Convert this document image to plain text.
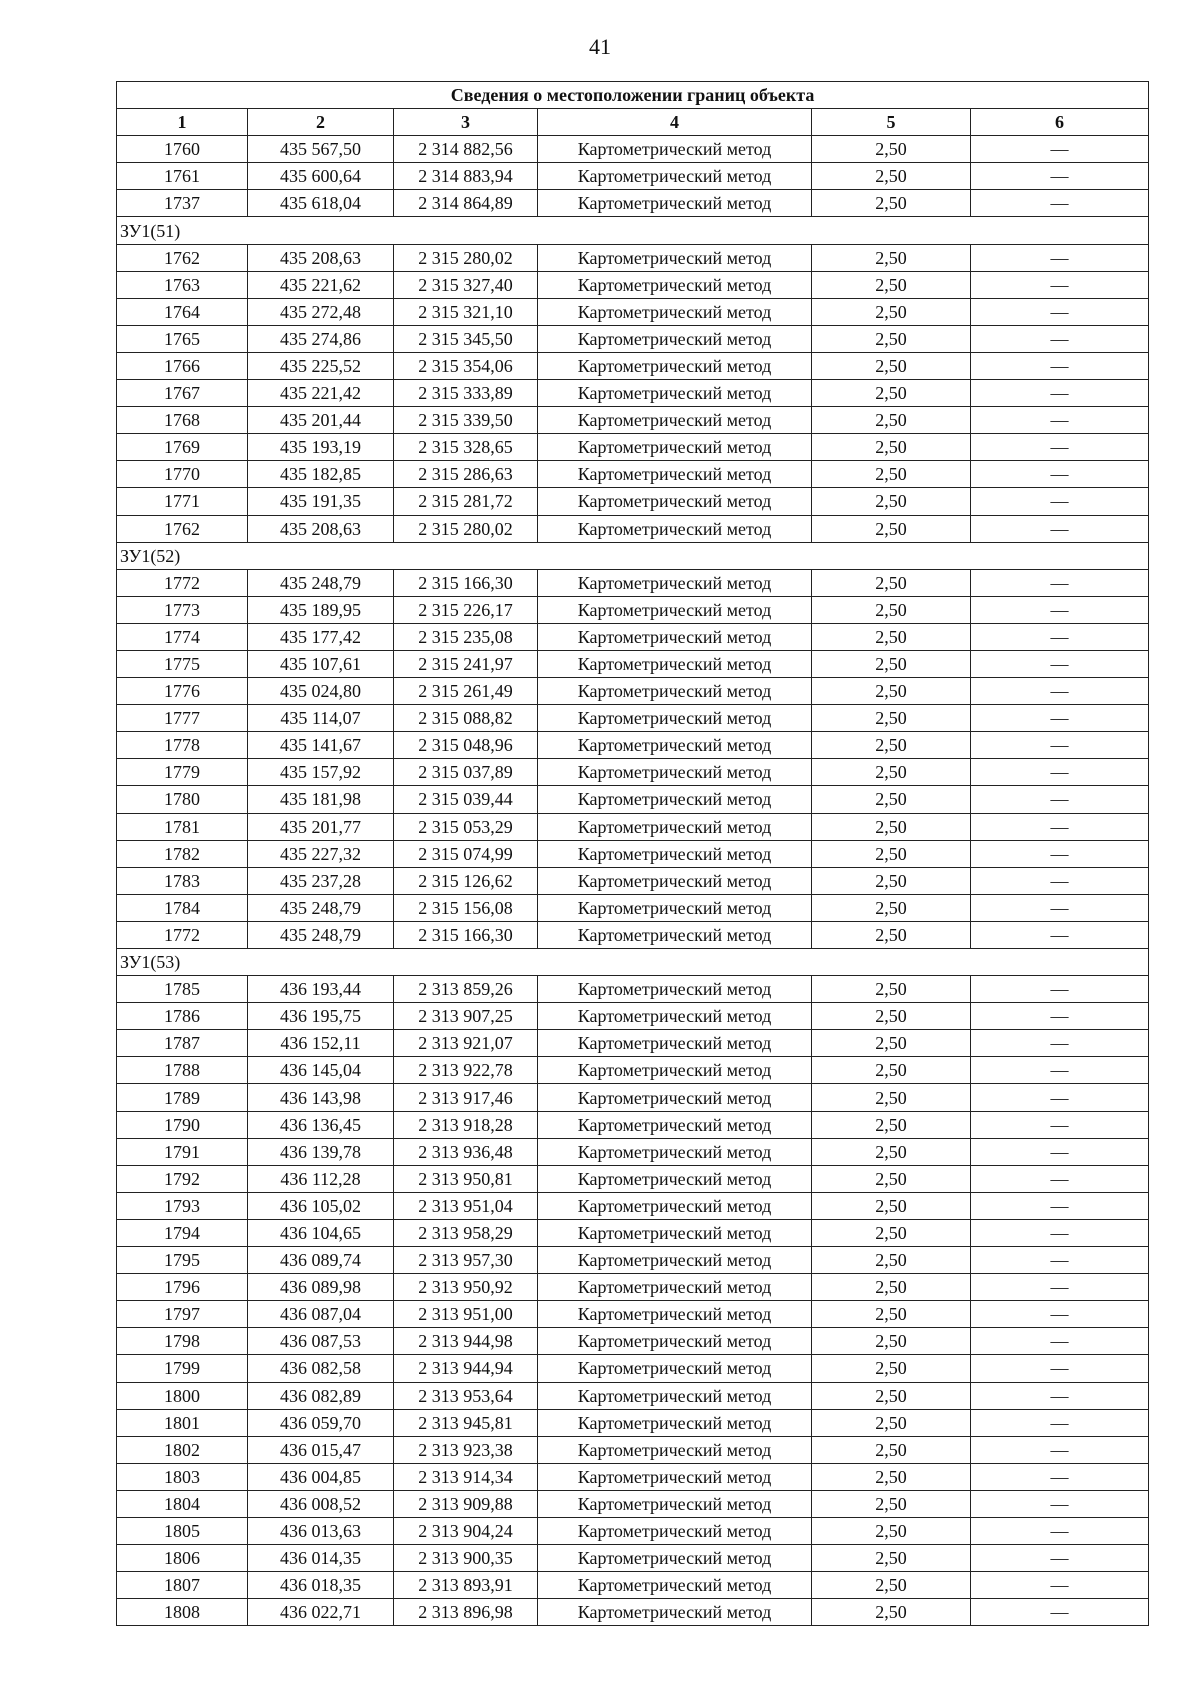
41
Сведения о местоположении границ объекта					
1	2	3	4	5	6
1760	435 567,50	2 314 882,56	Картометрический метод	2,50	—
1761	435 600,64	2 314 883,94	Картометрический метод	2,50	—
1737	435 618,04	2 314 864,89	Картометрический метод	2,50	—
ЗУ1(51)					
1762	435 208,63	2 315 280,02	Картометрический метод	2,50	—
1763	435 221,62	2 315 327,40	Картометрический метод	2,50	—
1764	435 272,48	2 315 321,10	Картометрический метод	2,50	—
1765	435 274,86	2 315 345,50	Картометрический метод	2,50	—
1766	435 225,52	2 315 354,06	Картометрический метод	2,50	—
1767	435 221,42	2 315 333,89	Картометрический метод	2,50	—
1768	435 201,44	2 315 339,50	Картометрический метод	2,50	—
1769	435 193,19	2 315 328,65	Картометрический метод	2,50	—
1770	435 182,85	2 315 286,63	Картометрический метод	2,50	—
1771	435 191,35	2 315 281,72	Картометрический метод	2,50	—
1762	435 208,63	2 315 280,02	Картометрический метод	2,50	—
ЗУ1(52)					
1772	435 248,79	2 315 166,30	Картометрический метод	2,50	—
1773	435 189,95	2 315 226,17	Картометрический метод	2,50	—
1774	435 177,42	2 315 235,08	Картометрический метод	2,50	—
1775	435 107,61	2 315 241,97	Картометрический метод	2,50	—
1776	435 024,80	2 315 261,49	Картометрический метод	2,50	—
1777	435 114,07	2 315 088,82	Картометрический метод	2,50	—
1778	435 141,67	2 315 048,96	Картометрический метод	2,50	—
1779	435 157,92	2 315 037,89	Картометрический метод	2,50	—
1780	435 181,98	2 315 039,44	Картометрический метод	2,50	—
1781	435 201,77	2 315 053,29	Картометрический метод	2,50	—
1782	435 227,32	2 315 074,99	Картометрический метод	2,50	—
1783	435 237,28	2 315 126,62	Картометрический метод	2,50	—
1784	435 248,79	2 315 156,08	Картометрический метод	2,50	—
1772	435 248,79	2 315 166,30	Картометрический метод	2,50	—
ЗУ1(53)					
1785	436 193,44	2 313 859,26	Картометрический метод	2,50	—
1786	436 195,75	2 313 907,25	Картометрический метод	2,50	—
1787	436 152,11	2 313 921,07	Картометрический метод	2,50	—
1788	436 145,04	2 313 922,78	Картометрический метод	2,50	—
1789	436 143,98	2 313 917,46	Картометрический метод	2,50	—
1790	436 136,45	2 313 918,28	Картометрический метод	2,50	—
1791	436 139,78	2 313 936,48	Картометрический метод	2,50	—
1792	436 112,28	2 313 950,81	Картометрический метод	2,50	—
1793	436 105,02	2 313 951,04	Картометрический метод	2,50	—
1794	436 104,65	2 313 958,29	Картометрический метод	2,50	—
1795	436 089,74	2 313 957,30	Картометрический метод	2,50	—
1796	436 089,98	2 313 950,92	Картометрический метод	2,50	—
1797	436 087,04	2 313 951,00	Картометрический метод	2,50	—
1798	436 087,53	2 313 944,98	Картометрический метод	2,50	—
1799	436 082,58	2 313 944,94	Картометрический метод	2,50	—
1800	436 082,89	2 313 953,64	Картометрический метод	2,50	—
1801	436 059,70	2 313 945,81	Картометрический метод	2,50	—
1802	436 015,47	2 313 923,38	Картометрический метод	2,50	—
1803	436 004,85	2 313 914,34	Картометрический метод	2,50	—
1804	436 008,52	2 313 909,88	Картометрический метод	2,50	—
1805	436 013,63	2 313 904,24	Картометрический метод	2,50	—
1806	436 014,35	2 313 900,35	Картометрический метод	2,50	—
1807	436 018,35	2 313 893,91	Картометрический метод	2,50	—
1808	436 022,71	2 313 896,98	Картометрический метод	2,50	—
